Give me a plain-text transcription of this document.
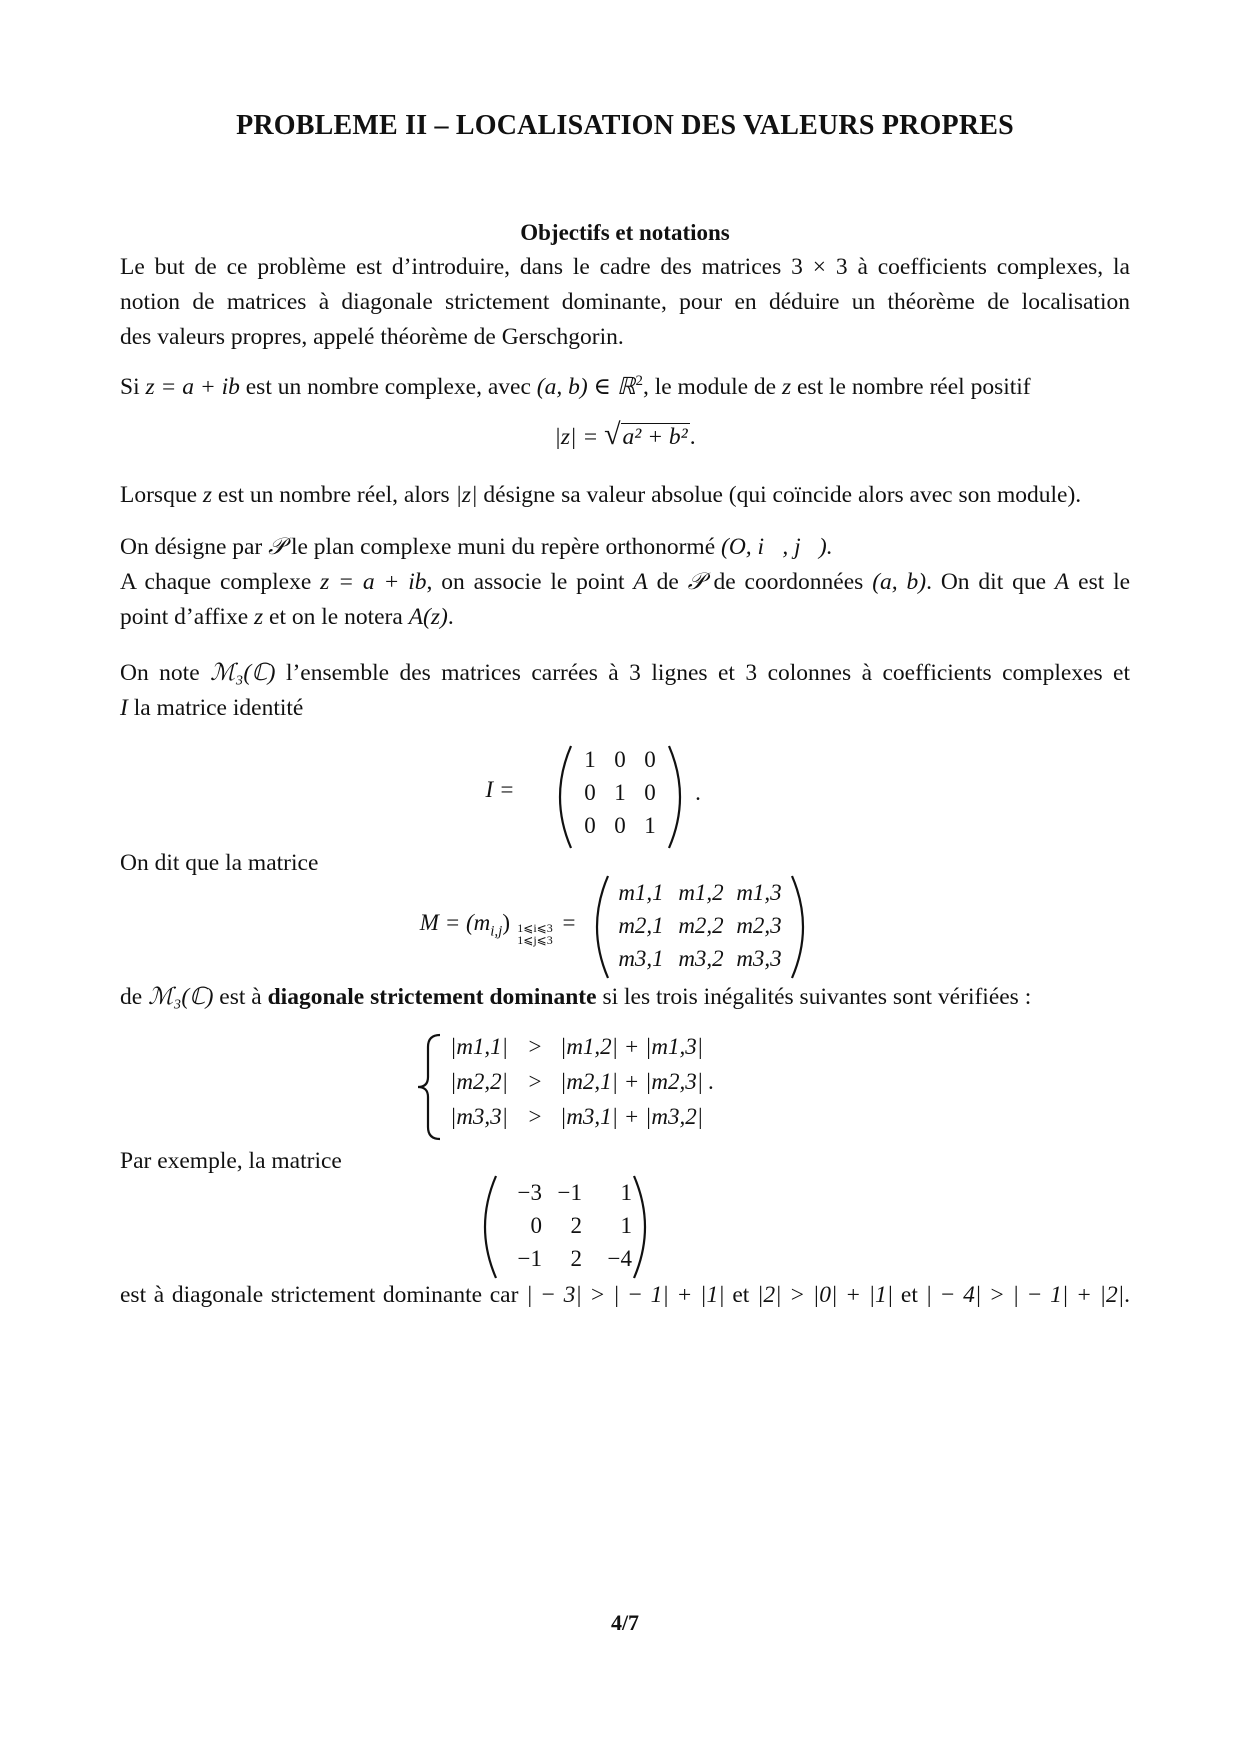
PROBLEME II – LOCALISATION DES VALEURS PROPRES
Objectifs et notations
Le but de ce problème est d’introduire, dans le cadre des matrices 3 × 3 à coefficients complexes, la
notion de matrices à diagonale strictement dominante, pour en déduire un théorème de localisation
des valeurs propres, appelé théorème de Gerschgorin.
Si z = a + ib est un nombre complexe, avec (a, b) ∈ ℝ$^2$, le module de z est le nombre réel positif
|z| = √a² + b².
Lorsque z est un nombre réel, alors |z| désigne sa valeur absolue (qui coïncide alors avec son module).
On désigne par 𝒫 le plan complexe muni du repère orthonormé (O, i⃗, j⃗).
A chaque complexe z = a + ib, on associe le point A de 𝒫 de coordonnées (a, b). On dit que A est le
point d’affixe z et on le notera A(z).
On note ℳ₃(ℂ) l’ensemble des matrices carrées à 3 lignes et 3 colonnes à coefficients complexes et
I la matrice identité
I =
1 0 0
0 1 0
0 0 1
.
On dit que la matrice
$M = (m_{i,j})$ 1⩽i⩽3
1⩽j⩽3
=
m1,1 m1,2 m1,3
m2,1 m2,2 m2,3
m3,1 m3,2 m3,3
de ℳ₃(ℂ) est à diagonale strictement dominante si les trois inégalités suivantes sont vérifiées :
|m1,1| > |m1,2| + |m1,3|
|m2,2| > |m2,1| + |m2,3| .
|m3,3| > |m3,1| + |m3,2|
Par exemple, la matrice
−3 −1	1
0	2	1
−1	2	−4
est à diagonale strictement dominante car | − 3| > | − 1| + |1| et |2| > |0| + |1| et | − 4| > | − 1| + |2|.
4/7
